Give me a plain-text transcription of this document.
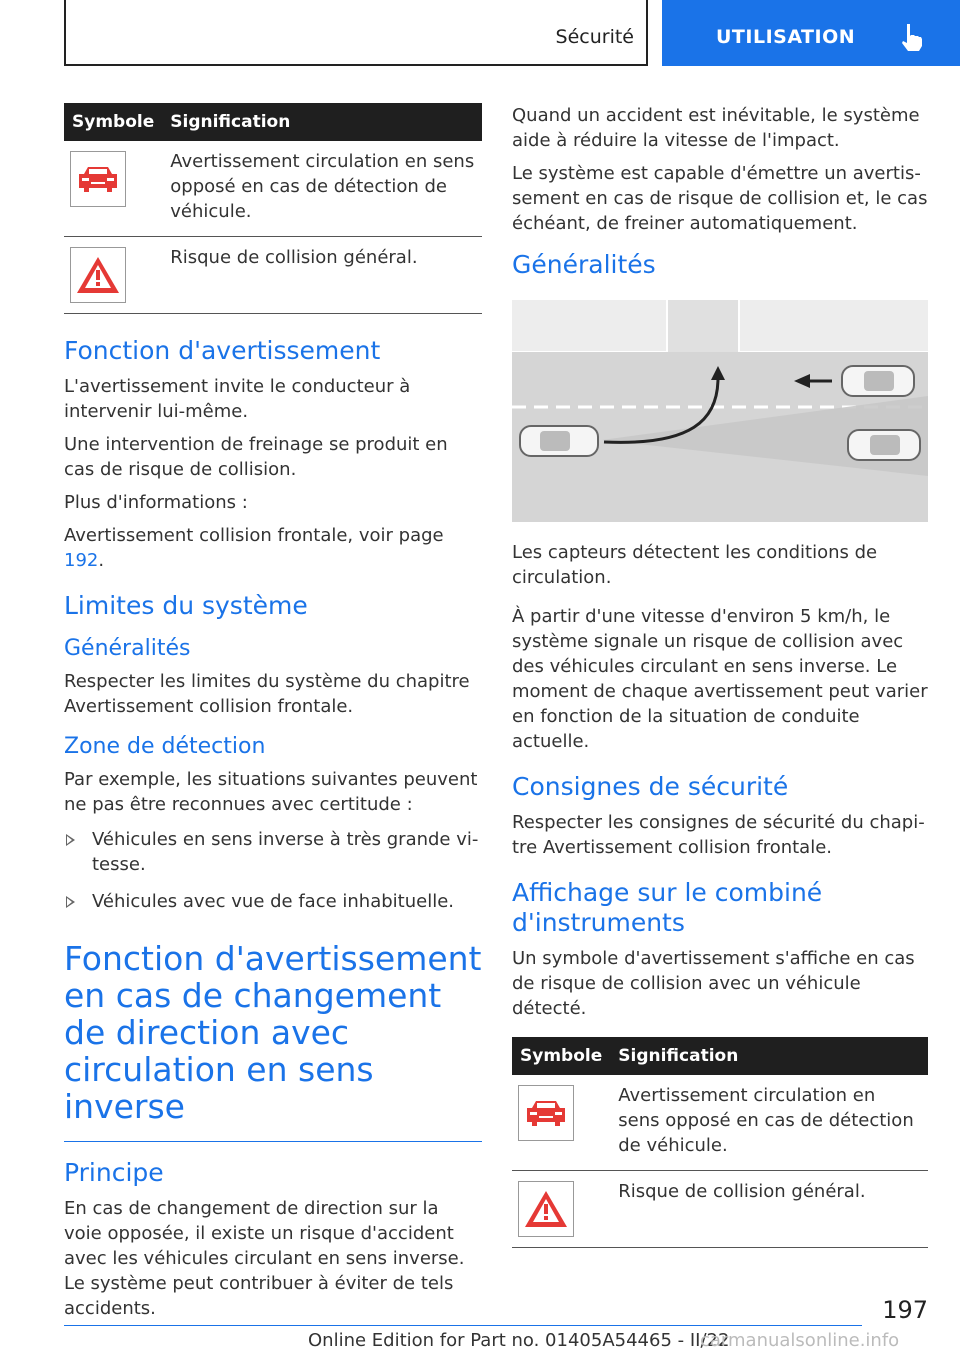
Sécurité	UTILISATION
Symbole	Signification

	Avertissement circulation en sens opposé en cas de détection de véhicule.

	Risque de collision général.
Fonction d'avertissement

L'avertissement invite le conducteur à intervenir lui-même.

Une intervention de freinage se produit en cas de risque de collision.

Plus d'informations :

Avertissement collision frontale, voir page 192.

Limites du système
Généralités

Respecter les limites du système du chapitre Avertissement collision frontale.

Zone de détection

Par exemple, les situations suivantes peuvent ne pas être reconnues avec certitude :

Véhicules en sens inverse à très grande vitesse.
Véhicules avec vue de face inhabituelle.
Fonction d'avertissement en cas de changement de direction avec circulation en sens inverse
Principe

En cas de changement de direction sur la voie opposée, il existe un risque d'accident avec les véhicules circulant en sens inverse. Le système peut contribuer à éviter de tels accidents.

Quand un accident est inévitable, le système aide à réduire la vitesse de l'impact.

Le système est capable d'émettre un avertissement en cas de risque de collision et, le cas échéant, de freiner automatiquement.

Généralités

Les capteurs détectent les conditions de circulation.

À partir d'une vitesse d'environ 5 km/h, le système signale un risque de collision avec des véhicules circulant en sens inverse. Le moment de chaque avertissement peut varier en fonction de la situation de conduite actuelle.

Consignes de sécurité

Respecter les consignes de sécurité du chapitre Avertissement collision frontale.

Affichage sur le combiné d'instruments

Un symbole d'avertissement s'affiche en cas de risque de collision avec un véhicule détecté.

Symbole	Signification

	Avertissement circulation en sens opposé en cas de détection de véhicule.

	Risque de collision général.
197
Online Edition for Part no. 01405A54465 - II/22
carmanualsonline.info
